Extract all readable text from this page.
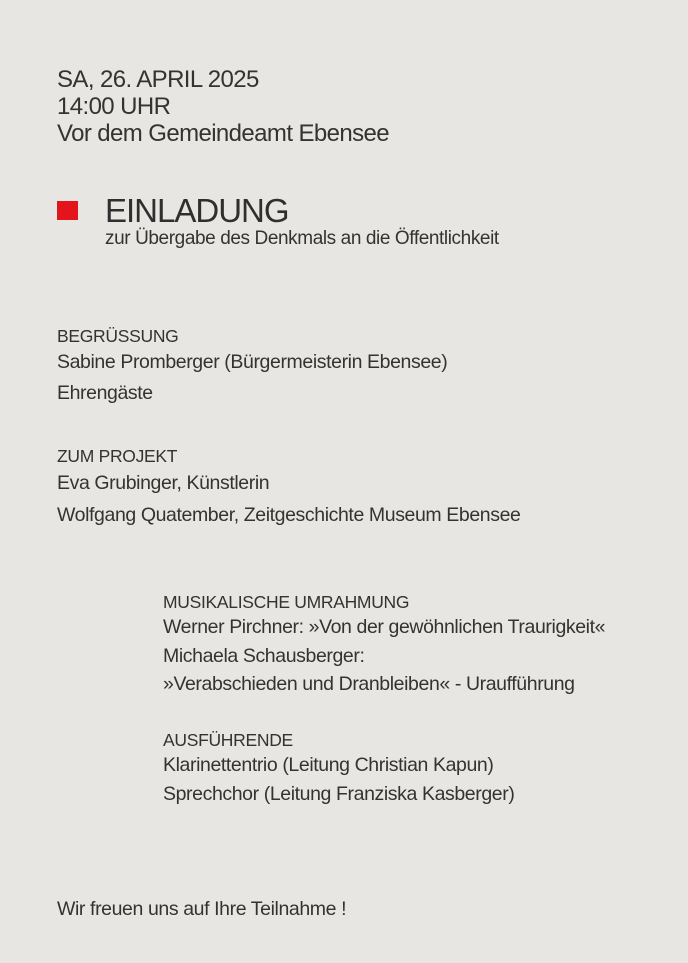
SA, 26. APRIL 2025
14:00 UHR
Vor dem Gemeindeamt Ebensee
EINLADUNG
zur Übergabe des Denkmals an die Öffentlichkeit
BEGRÜSSUNG
Sabine Promberger (Bürgermeisterin Ebensee)
Ehrengäste
ZUM PROJEKT
Eva Grubinger, Künstlerin
Wolfgang Quatember, Zeitgeschichte Museum Ebensee
MUSIKALISCHE UMRAHMUNG
Werner Pirchner: »Von der gewöhnlichen Traurigkeit«
Michaela Schausberger:
»Verabschieden und Dranbleiben« - Uraufführung
AUSFÜHRENDE
Klarinettentrio (Leitung Christian Kapun)
Sprechchor (Leitung Franziska Kasberger)
Wir freuen uns auf Ihre Teilnahme !
